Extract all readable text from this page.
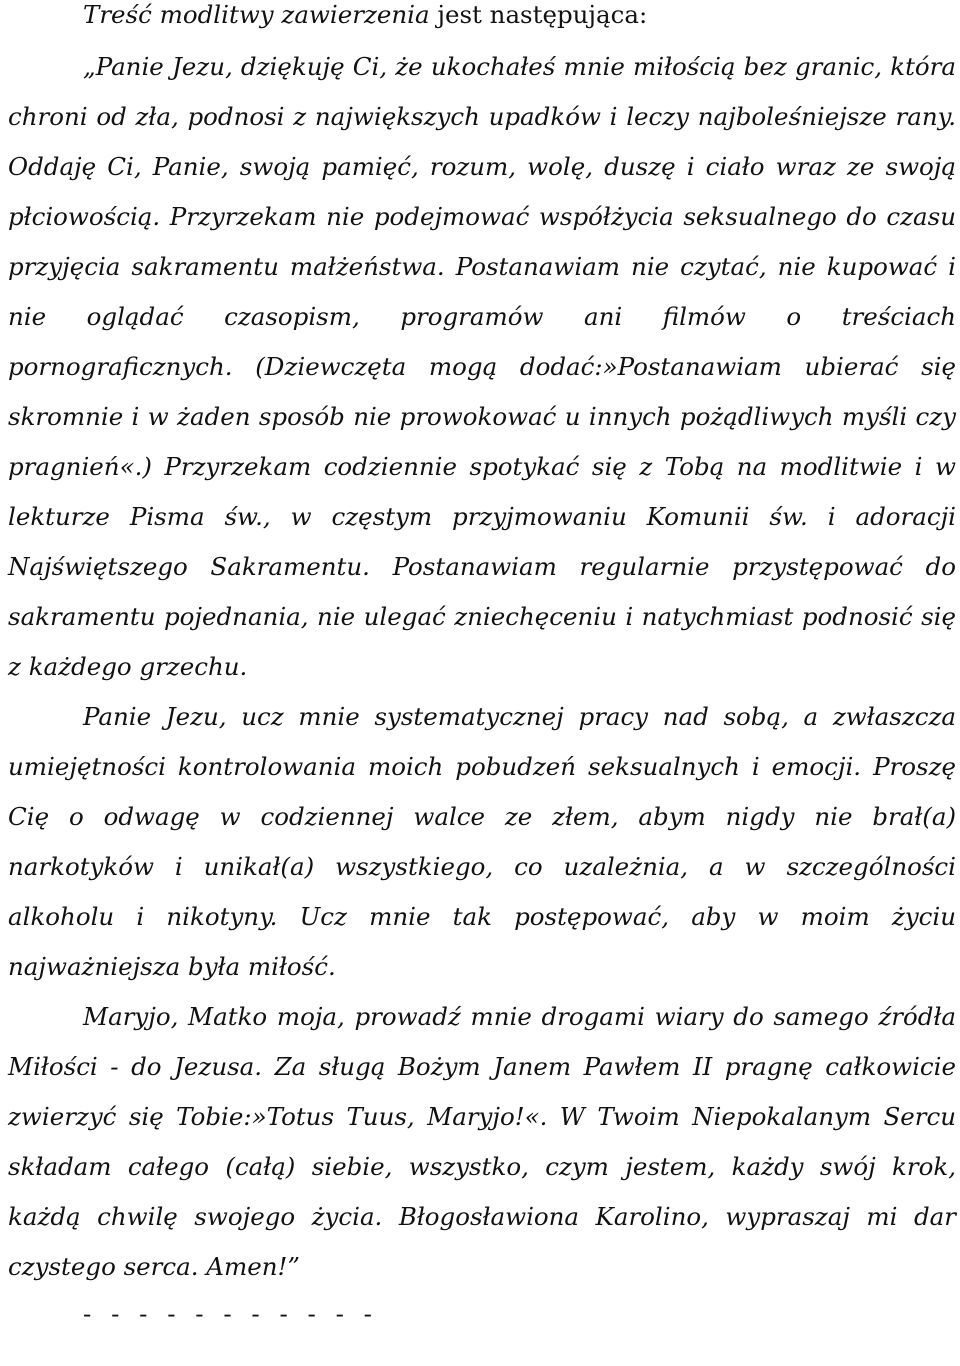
Treść modlitwy zawierzenia jest następująca:

„Panie Jezu, dziękuję Ci, że ukochałeś mnie miłością bez granic, która chroni od zła, podnosi z największych upadków i leczy najboleśniejsze rany. Oddaję Ci, Panie, swoją pamięć, rozum, wolę, duszę i ciało wraz ze swoją płciowością. Przyrzekam nie podejmować współżycia seksualnego do czasu przyjęcia sakramentu małżeństwa. Postanawiam nie czytać, nie kupować i nie oglądać czasopism, programów ani filmów o treściach pornograficznych. (Dziewczęta mogą dodać:»Postanawiam ubierać się skromnie i w żaden sposób nie prowokować u innych pożądliwych myśli czy pragnień«.) Przyrzekam codziennie spotykać się z Tobą na modlitwie i w lekturze Pisma św., w częstym przyjmowaniu Komunii św. i adoracji Najświętszego Sakramentu. Postanawiam regularnie przystępować do sakramentu pojednania, nie ulegać zniechęceniu i natychmiast podnosić się z każdego grzechu.

Panie Jezu, ucz mnie systematycznej pracy nad sobą, a zwłaszcza umiejętności kontrolowania moich pobudzeń seksualnych i emocji. Proszę Cię o odwagę w codziennej walce ze złem, abym nigdy nie brał(a) narkotyków i unikał(a) wszystkiego, co uzależnia, a w szczególności alkoholu i nikotyny. Ucz mnie tak postępować, aby w moim życiu najważniejsza była miłość.

Maryjo, Matko moja, prowadź mnie drogami wiary do samego źródła Miłości - do Jezusa. Za sługą Bożym Janem Pawłem II pragnę całkowicie zwierzyć się Tobie:»Totus Tuus, Maryjo!«. W Twoim Niepokalanym Sercu składam całego (całą) siebie, wszystko, czym jestem, każdy swój krok, każdą chwilę swojego życia. Błogosławiona Karolino, wypraszaj mi dar czystego serca. Amen!”

- - - - - - - - - - -
